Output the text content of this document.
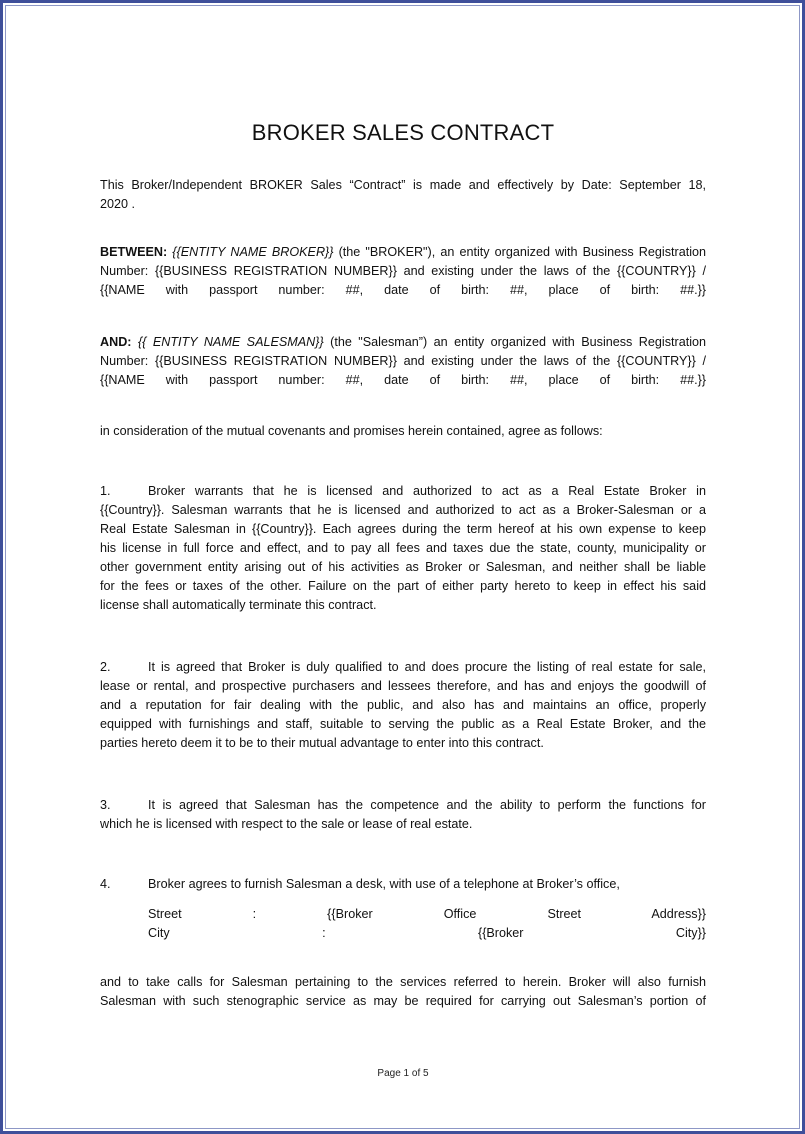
BROKER SALES CONTRACT
This Broker/Independent BROKER Sales “Contract” is made and effectively by Date: September 18,
2020 .
BETWEEN: {{ENTITY NAME BROKER}} (the "BROKER"), an entity organized with Business Registration
Number: {{BUSINESS REGISTRATION NUMBER}} and existing under the laws of the {{COUNTRY}} /
{{NAME with passport number: ##, date of birth: ##, place of birth: ##.}}
AND: {{ ENTITY NAME SALESMAN}} (the "Salesman”) an entity organized with Business Registration
Number: {{BUSINESS REGISTRATION NUMBER}} and existing under the laws of the {{COUNTRY}} /
{{NAME with passport number: ##, date of birth: ##, place of birth: ##.}}
in consideration of the mutual covenants and promises herein contained, agree as follows:
1.	Broker warrants that he is licensed and authorized to act as a Real Estate Broker in
{{Country}}. Salesman warrants that he is licensed and authorized to act as a Broker-Salesman or a
Real Estate Salesman in {{Country}}. Each agrees during the term hereof at his own expense to keep
his license in full force and effect, and to pay all fees and taxes due the state, county, municipality or
other government entity arising out of his activities as Broker or Salesman, and neither shall be liable
for the fees or taxes of the other. Failure on the part of either party hereto to keep in effect his said
license shall automatically terminate this contract.
2.	It is agreed that Broker is duly qualified to and does procure the listing of real estate for sale,
lease or rental, and prospective purchasers and lessees therefore, and has and enjoys the goodwill of
and a reputation for fair dealing with the public, and also has and maintains an office, properly
equipped with furnishings and staff, suitable to serving the public as a Real Estate Broker, and the
parties hereto deem it to be to their mutual advantage to enter into this contract.
3.	It is agreed that Salesman has the competence and the ability to perform the functions for
which he is licensed with respect to the sale or lease of real estate.
4.	Broker agrees to furnish Salesman a desk, with use of a telephone at Broker’s office,
Street : {{Broker Office Street Address}}
City : {{Broker City}}
and to take calls for Salesman pertaining to the services referred to herein. Broker will also furnish
Salesman with such stenographic service as may be required for carrying out Salesman’s portion of
Page 1 of 5
